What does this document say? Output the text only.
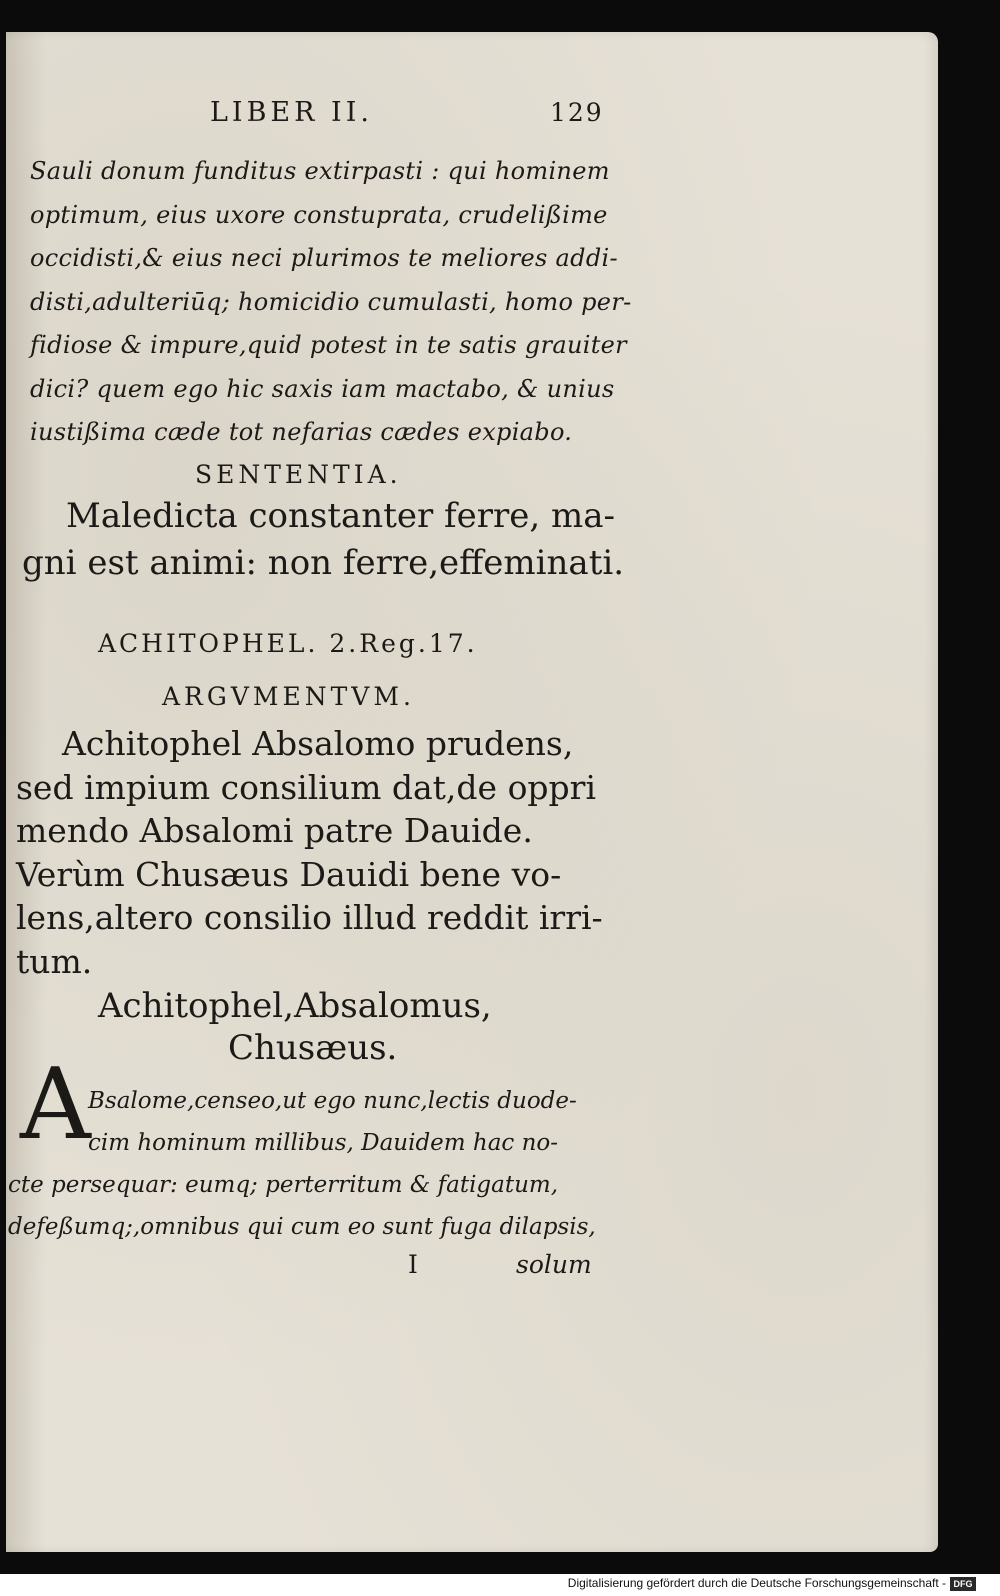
LIBER II.	129
Sauli donum funditus extirpasti : qui hominem
optimum, eius uxore constuprata, crudelißime
occidisti,& eius neci plurimos te meliores addi-
disti,adulteriūq; homicidio cumulasti, homo per-
fidiose & impure,quid potest in te satis grauiter
dici? quem ego hic saxis iam mactabo, & unius
iustißima cæde tot nefarias cædes expiabo.
SENTENTIA.
Maledicta constanter ferre, ma-
gni est animi: non ferre,effeminati.
ACHITOPHEL. 2.Reg.17.
ARGVMENTVM.
Achitophel Absalomo prudens,
sed impium consilium dat,de oppri
mendo Absalomi patre Dauide.
Verùm Chusæus Dauidi bene vo-
lens,altero consilio illud reddit irri-
tum.
Achitophel,Absalomus,
Chusæus.
A
Bsalome,censeo,ut ego nunc,lectis duode-
cim hominum millibus, Dauidem hac no-
cte persequar: eumq; perterritum & fatigatum,
defeßumq;,omnibus qui cum eo sunt fuga dilapsis,
I	solum
Digitalisierung gefördert durch die Deutsche Forschungsgemeinschaft - DFG
